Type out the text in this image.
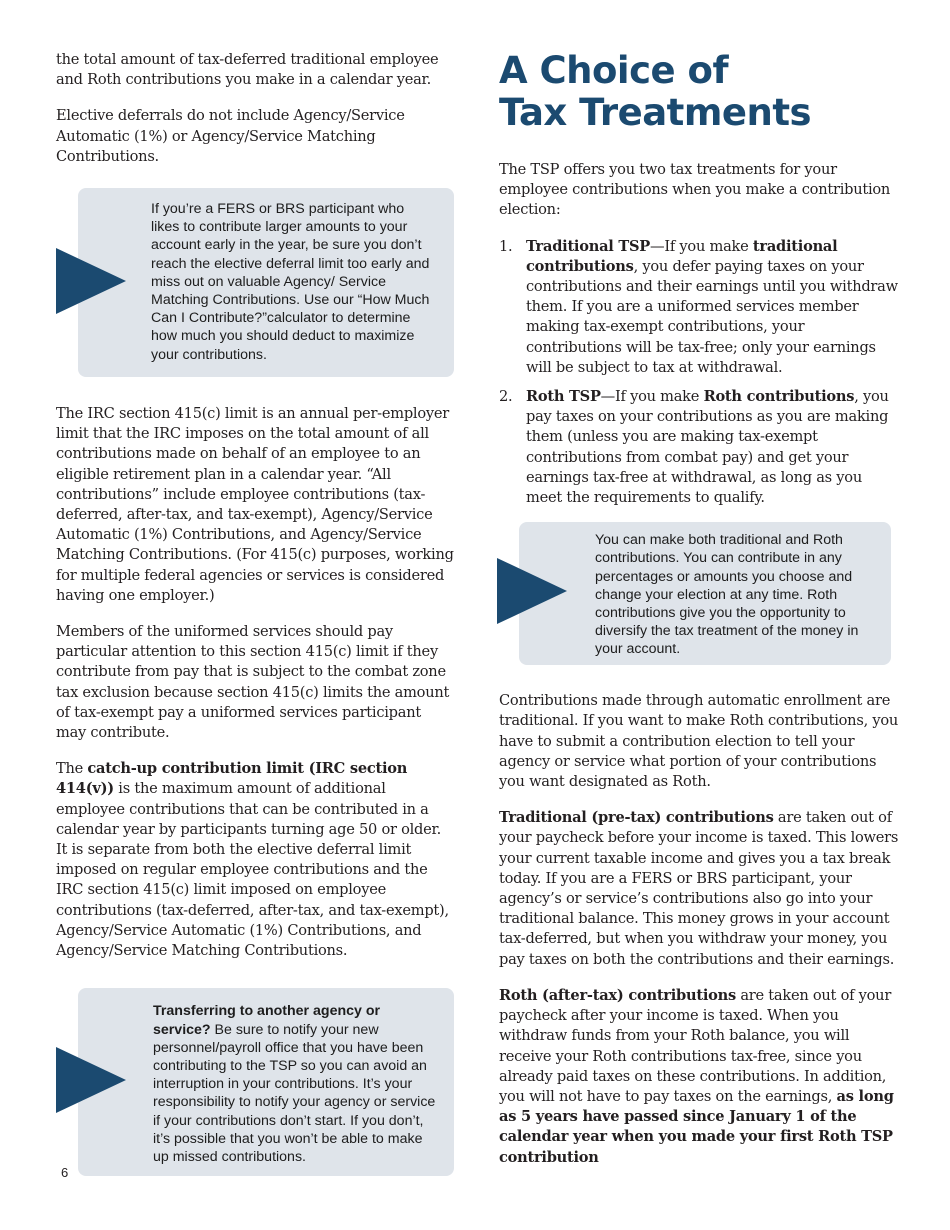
the total amount of tax-deferred traditional employee and Roth contributions you make in a calendar year.

Elective deferrals do not include Agency/Service Automatic (1%) or Agency/Service Matching Contributions.

If you’re a FERS or BRS participant who likes to contribute larger amounts to your account early in the year, be sure you don’t reach the elective deferral limit too early and miss out on valuable Agency/ Service Matching Contributions. Use our “How Much Can I Contribute?”calculator to determine how much you should deduct to maximize your contributions.

The IRC section 415(c) limit is an annual per-employer limit that the IRC imposes on the total amount of all contributions made on behalf of an employee to an eligible retirement plan in a calendar year. “All contributions” include employee contributions (tax-deferred, after-tax, and tax-exempt), Agency/Service Automatic (1%) Contributions, and Agency/Service Matching Contributions. (For 415(c) purposes, working for multiple federal agencies or services is considered having one employer.)

Members of the uniformed services should pay particular attention to this section 415(c) limit if they contribute from pay that is subject to the combat zone tax exclusion because section 415(c) limits the amount of tax-exempt pay a uniformed services participant may contribute.

The catch-up contribution limit (IRC section 414(v)) is the maximum amount of additional employee contributions that can be contributed in a calendar year by participants turning age 50 or older. It is separate from both the elective deferral limit imposed on regular employee contributions and the IRC section 415(c) limit imposed on employee contributions (tax-deferred, after-tax, and tax-exempt), Agency/Service Automatic (1%) Contributions, and Agency/Service Matching Contributions.

Transferring to another agency or service? Be sure to notify your new personnel/payroll office that you have been contributing to the TSP so you can avoid an interruption in your contributions. It’s your responsibility to notify your agency or service if your contributions don’t start. If you don’t, it’s possible that you won’t be able to make up missed contributions.
A Choice of
Tax Treatments

The TSP offers you two tax treatments for your employee contributions when you make a contribution election:

1. Traditional TSP—If you make traditional contributions, you defer paying taxes on your contributions and their earnings until you withdraw them. If you are a uniformed services member making tax-exempt contributions, your contributions will be tax-free; only your earnings will be subject to tax at withdrawal.
2. Roth TSP—If you make Roth contributions, you pay taxes on your contributions as you are making them (unless you are making tax-exempt contributions from combat pay) and get your earnings tax-free at withdrawal, as long as you meet the requirements to qualify.
You can make both traditional and Roth contributions. You can contribute in any percentages or amounts you choose and change your election at any time. Roth contributions give you the opportunity to diversify the tax treatment of the money in your account.

Contributions made through automatic enrollment are traditional. If you want to make Roth contributions, you have to submit a contribution election to tell your agency or service what portion of your contributions you want designated as Roth.

Traditional (pre-tax) contributions are taken out of your paycheck before your income is taxed. This lowers your current taxable income and gives you a tax break today. If you are a FERS or BRS participant, your agency’s or service’s contributions also go into your traditional balance. This money grows in your account tax-deferred, but when you withdraw your money, you pay taxes on both the contributions and their earnings.

Roth (after-tax) contributions are taken out of your paycheck after your income is taxed. When you withdraw funds from your Roth balance, you will receive your Roth contributions tax-free, since you already paid taxes on these contributions. In addition, you will not have to pay taxes on the earnings, as long as 5 years have passed since January 1 of the calendar year when you made your first Roth TSP contribution

6
